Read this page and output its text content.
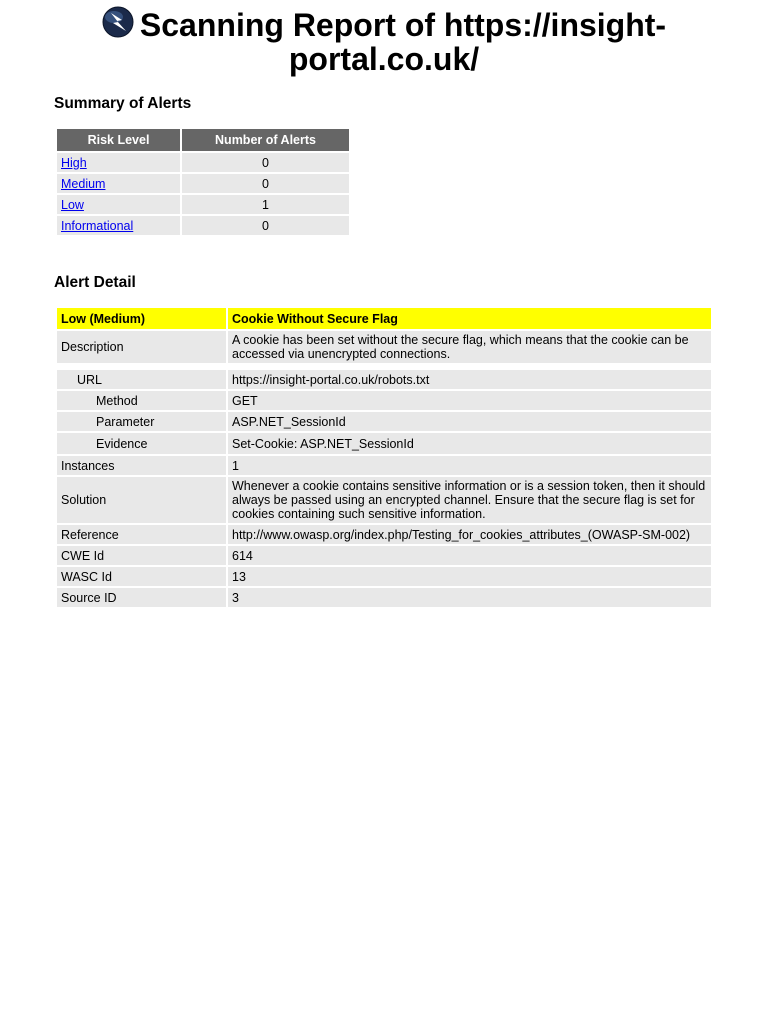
Scanning Report of https://insight-portal.co.uk/
Summary of Alerts
Risk Level	Number of Alerts
High	0
Medium	0
Low	1
Informational	0
Alert Detail
Low (Medium)	Cookie Without Secure Flag
Description	A cookie has been set without the secure flag, which means that the cookie can be accessed via unencrypted connections.

URL	https://insight-portal.co.uk/robots.txt
Method	GET
Parameter	ASP.NET_SessionId
Evidence	Set-Cookie: ASP.NET_SessionId
Instances	1
Solution	Whenever a cookie contains sensitive information or is a session token, then it should always be passed using an encrypted channel. Ensure that the secure flag is set for cookies containing such sensitive information.
Reference	http://www.owasp.org/index.php/Testing_for_cookies_attributes_(OWASP-SM-002)
CWE Id	614
WASC Id	13
Source ID	3
